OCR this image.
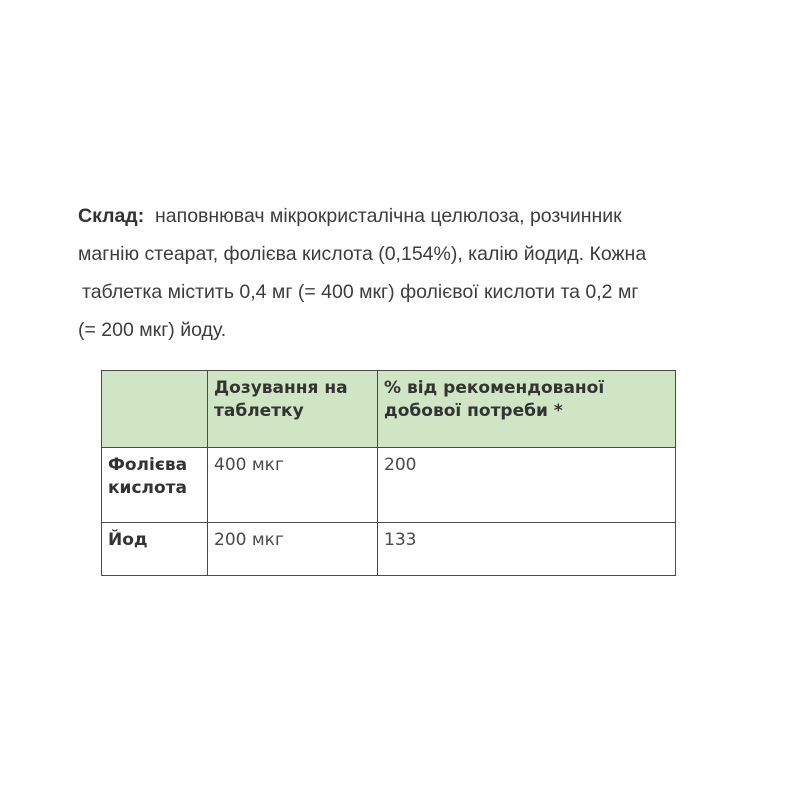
Склад: наповнювач мікрокристалічна целюлоза, розчинник
магнію стеарат, фолієва кислота (0,154%), калію йодид. Кожна
таблетка містить 0,4 мг (= 400 мкг) фолієвої кислоти та 0,2 мг
(= 200 мкг) йоду.
	Дозування на таблетку	% від рекомендованої добової потреби *
Фолієва кислота	400 мкг	200
Йод	200 мкг	133
